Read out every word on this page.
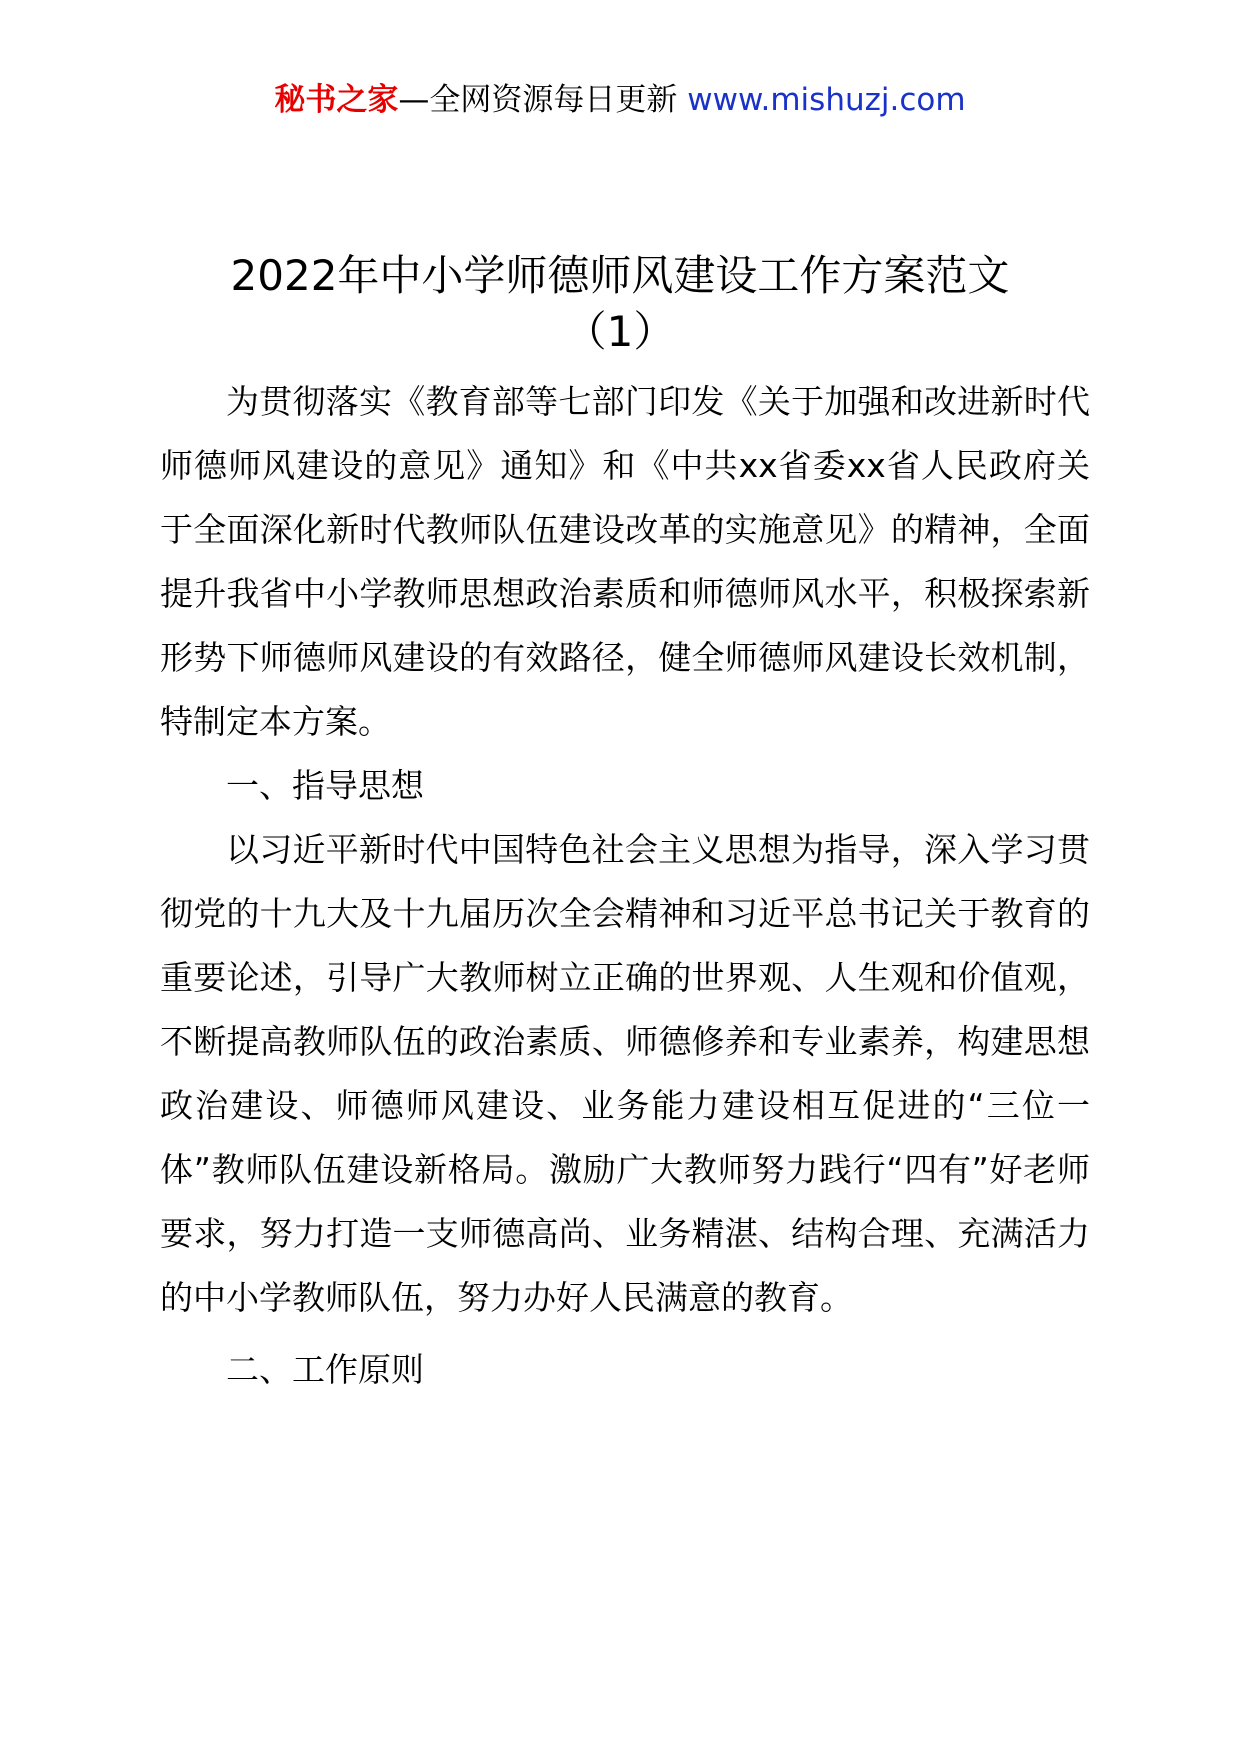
秘书之家—全网资源每日更新 www.mishuzj.com
2022年中小学师德师风建设工作方案范文
（1）

为贯彻落实《教育部等七部门印发《关于加强和改进新时代师德师风建设的意见》通知》和《中共xx省委xx省人民政府关于全面深化新时代教师队伍建设改革的实施意见》的精神，全面提升我省中小学教师思想政治素质和师德师风水平，积极探索新形势下师德师风建设的有效路径，健全师德师风建设长效机制，特制定本方案。

一、指导思想

以习近平新时代中国特色社会主义思想为指导，深入学习贯彻党的十九大及十九届历次全会精神和习近平总书记关于教育的重要论述，引导广大教师树立正确的世界观、人生观和价值观，不断提高教师队伍的政治素质、师德修养和专业素养，构建思想政治建设、师德师风建设、业务能力建设相互促进的“三位一体”教师队伍建设新格局。激励广大教师努力践行“四有”好老师要求，努力打造一支师德高尚、业务精湛、结构合理、充满活力的中小学教师队伍，努力办好人民满意的教育。

二、工作原则
